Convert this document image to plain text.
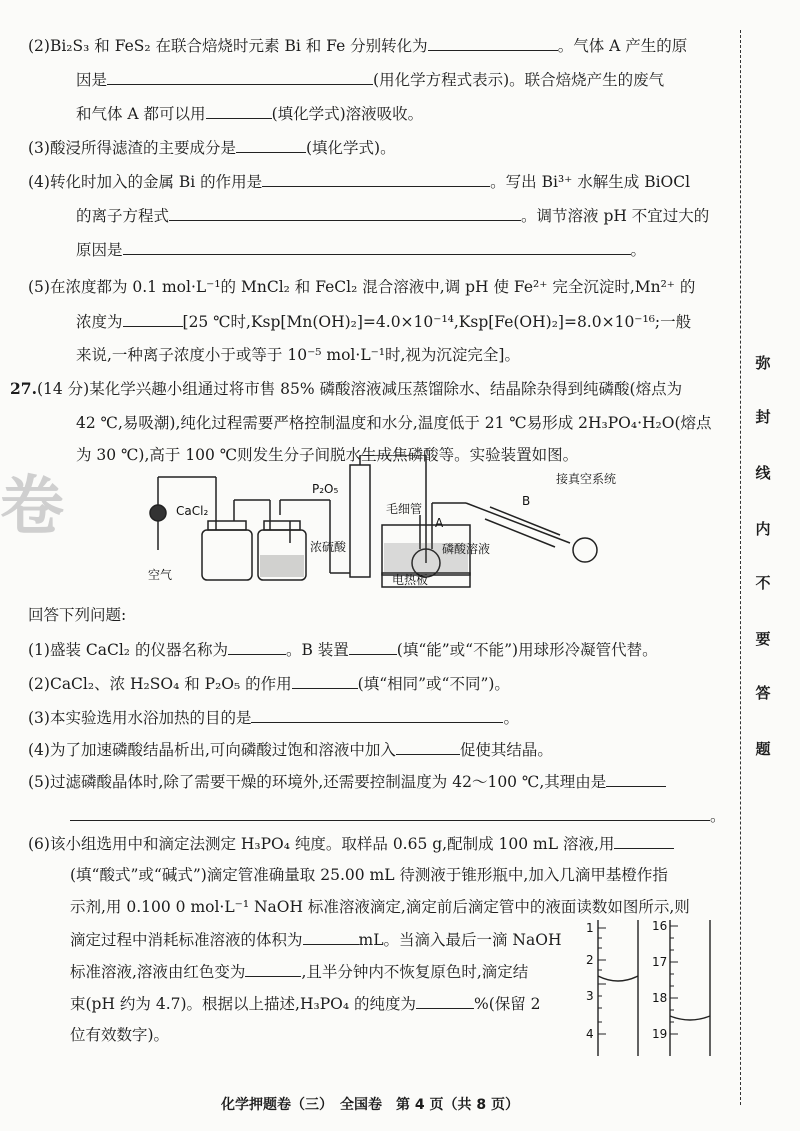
卷
(2)Bi₂S₃ 和 FeS₂ 在联合焙烧时元素 Bi 和 Fe 分别转化为	。气体 A 产生的原
因是	(用化学方程式表示)。联合焙烧产生的废气
和气体 A 都可以用	(填化学式)溶液吸收。
(3)酸浸所得滤渣的主要成分是	(填化学式)。
(4)转化时加入的金属 Bi 的作用是	。写出 Bi³⁺ 水解生成 BiOCl
的离子方程式	。调节溶液 pH 不宜过大的
原因是	。
(5)在浓度都为 0.1 mol·L⁻¹的 MnCl₂ 和 FeCl₂ 混合溶液中,调 pH 使 Fe²⁺ 完全沉淀时,Mn²⁺ 的
浓度为	[25 ℃时,Ksp[Mn(OH)₂]=4.0×10⁻¹⁴,Ksp[Fe(OH)₂]=8.0×10⁻¹⁶;一般
来说,一种离子浓度小于或等于 10⁻⁵ mol·L⁻¹时,视为沉淀完全]。
27.(14 分)某化学兴趣小组通过将市售 85% 磷酸溶液减压蒸馏除水、结晶除杂得到纯磷酸(熔点为
42 ℃,易吸潮),纯化过程需要严格控制温度和水分,温度低于 21 ℃易形成 2H₃PO₄·H₂O(熔点
为 30 ℃),高于 100 ℃则发生分子间脱水生成焦磷酸等。实验装置如图。
CaCl₂
空气
浓硫酸
P₂O₅
毛细管
A
B
接真空系统
磷酸溶液
电热板
回答下列问题:
(1)盛装 CaCl₂ 的仪器名称为	。B 装置	(填“能”或“不能”)用球形冷凝管代替。
(2)CaCl₂、浓 H₂SO₄ 和 P₂O₅ 的作用	(填“相同”或“不同”)。
(3)本实验选用水浴加热的目的是	。
(4)为了加速磷酸结晶析出,可向磷酸过饱和溶液中加入	促使其结晶。
(5)过滤磷酸晶体时,除了需要干燥的环境外,还需要控制温度为 42～100 ℃,其理由是
。
(6)该小组选用中和滴定法测定 H₃PO₄ 纯度。取样品 0.65 g,配制成 100 mL 溶液,用
(填“酸式”或“碱式”)滴定管准确量取 25.00 mL 待测液于锥形瓶中,加入几滴甲基橙作指
示剂,用 0.100 0 mol·L⁻¹ NaOH 标准溶液滴定,滴定前后滴定管中的液面读数如图所示,则
滴定过程中消耗标准溶液的体积为	mL。当滴入最后一滴 NaOH
标准溶液,溶液由红色变为	,且半分钟内不恢复原色时,滴定结
束(pH 约为 4.7)。根据以上描述,H₃PO₄ 的纯度为	%(保留 2
位有效数字)。
1
2
3
4
16
17
18
19
弥
封
线
内
不
要
答
题
化学押题卷（三）　全国卷　第 4 页（共 8 页）
